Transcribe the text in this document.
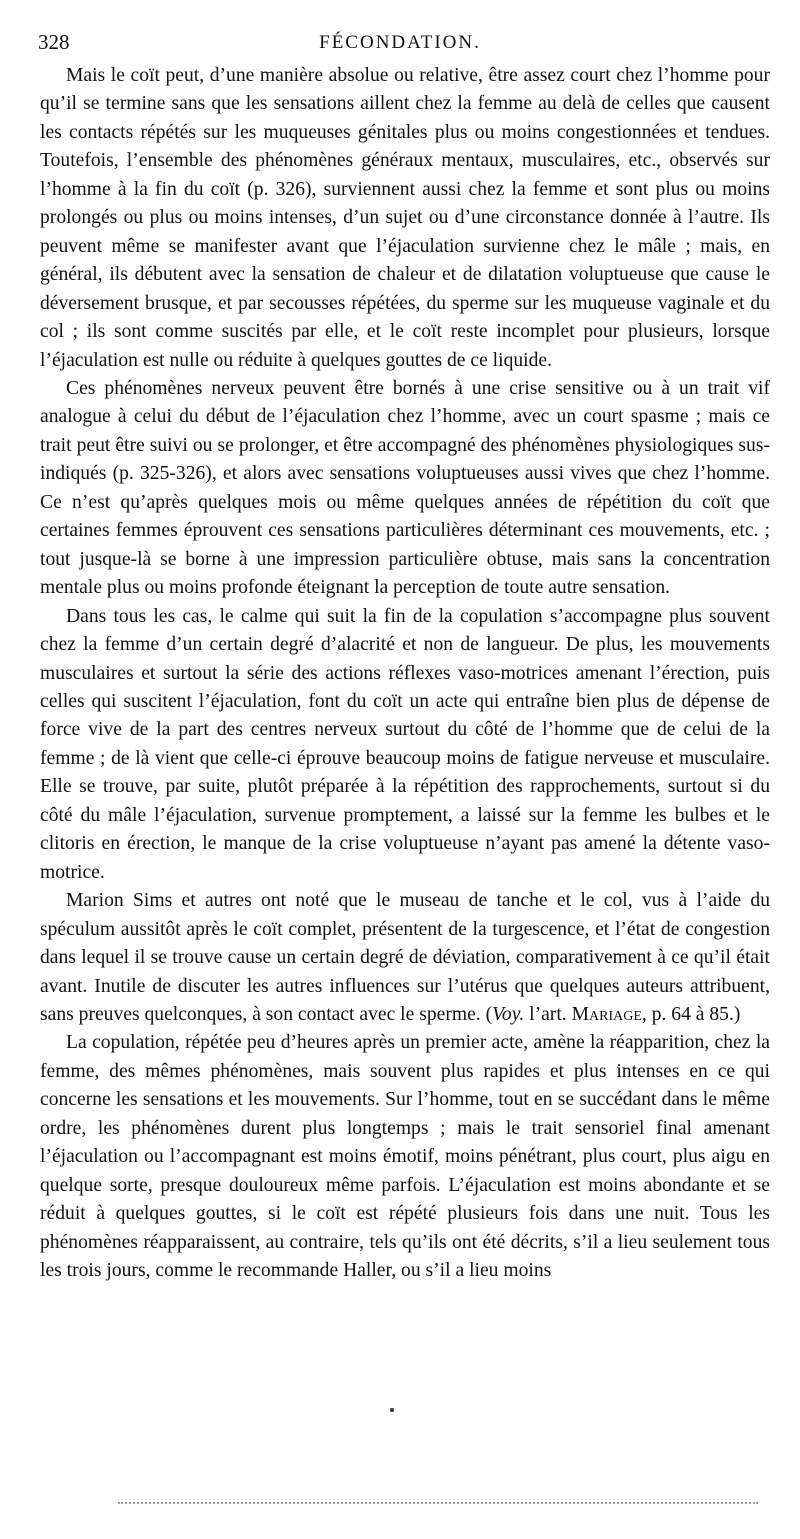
328	FÉCONDATION.

Mais le coït peut, d’une manière absolue ou relative, être assez court chez l’homme pour qu’il se termine sans que les sensations aillent chez la femme au delà de celles que causent les contacts répétés sur les muqueuses génitales plus ou moins congestionnées et tendues. Toutefois, l’ensemble des phénomènes généraux mentaux, musculaires, etc., observés sur l’homme à la fin du coït (p. 326), surviennent aussi chez la femme et sont plus ou moins prolongés ou plus ou moins intenses, d’un sujet ou d’une circonstance donnée à l’autre. Ils peuvent même se manifester avant que l’éjaculation survienne chez le mâle ; mais, en général, ils débutent avec la sensation de chaleur et de dilatation voluptueuse que cause le déversement brusque, et par secousses répétées, du sperme sur les muqueuse vaginale et du col ; ils sont comme suscités par elle, et le coït reste incomplet pour plusieurs, lorsque l’éjaculation est nulle ou réduite à quelques gouttes de ce liquide.

Ces phénomènes nerveux peuvent être bornés à une crise sensitive ou à un trait vif analogue à celui du début de l’éjaculation chez l’homme, avec un court spasme ; mais ce trait peut être suivi ou se prolonger, et être accompagné des phénomènes physiologiques sus-indiqués (p. 325-326), et alors avec sensations voluptueuses aussi vives que chez l’homme. Ce n’est qu’après quelques mois ou même quelques années de répétition du coït que certaines femmes éprouvent ces sensations particulières déterminant ces mouvements, etc. ; tout jusque-là se borne à une impression particulière obtuse, mais sans la concentration mentale plus ou moins profonde éteignant la perception de toute autre sensation.

Dans tous les cas, le calme qui suit la fin de la copulation s’accompagne plus souvent chez la femme d’un certain degré d’alacrité et non de langueur. De plus, les mouvements musculaires et surtout la série des actions réflexes vaso-motrices amenant l’érection, puis celles qui suscitent l’éjaculation, font du coït un acte qui entraîne bien plus de dépense de force vive de la part des centres nerveux surtout du côté de l’homme que de celui de la femme ; de là vient que celle-ci éprouve beaucoup moins de fatigue nerveuse et musculaire. Elle se trouve, par suite, plutôt préparée à la répétition des rapprochements, surtout si du côté du mâle l’éjaculation, survenue promptement, a laissé sur la femme les bulbes et le clitoris en érection, le manque de la crise voluptueuse n’ayant pas amené la détente vaso-motrice.

Marion Sims et autres ont noté que le museau de tanche et le col, vus à l’aide du spéculum aussitôt après le coït complet, présentent de la turgescence, et l’état de congestion dans lequel il se trouve cause un certain degré de déviation, comparativement à ce qu’il était avant. Inutile de discuter les autres influences sur l’utérus que quelques auteurs attribuent, sans preuves quelconques, à son contact avec le sperme. (Voy. l’art. Mariage, p. 64 à 85.)

La copulation, répétée peu d’heures après un premier acte, amène la réapparition, chez la femme, des mêmes phénomènes, mais souvent plus rapides et plus intenses en ce qui concerne les sensations et les mouvements. Sur l’homme, tout en se succédant dans le même ordre, les phénomènes durent plus longtemps ; mais le trait sensoriel final amenant l’éjaculation ou l’accompagnant est moins émotif, moins pénétrant, plus court, plus aigu en quelque sorte, presque douloureux même parfois. L’éjaculation est moins abondante et se réduit à quelques gouttes, si le coït est répété plusieurs fois dans une nuit. Tous les phénomènes réapparaissent, au contraire, tels qu’ils ont été décrits, s’il a lieu seulement tous les trois jours, comme le recommande Haller, ou s’il a lieu moins
